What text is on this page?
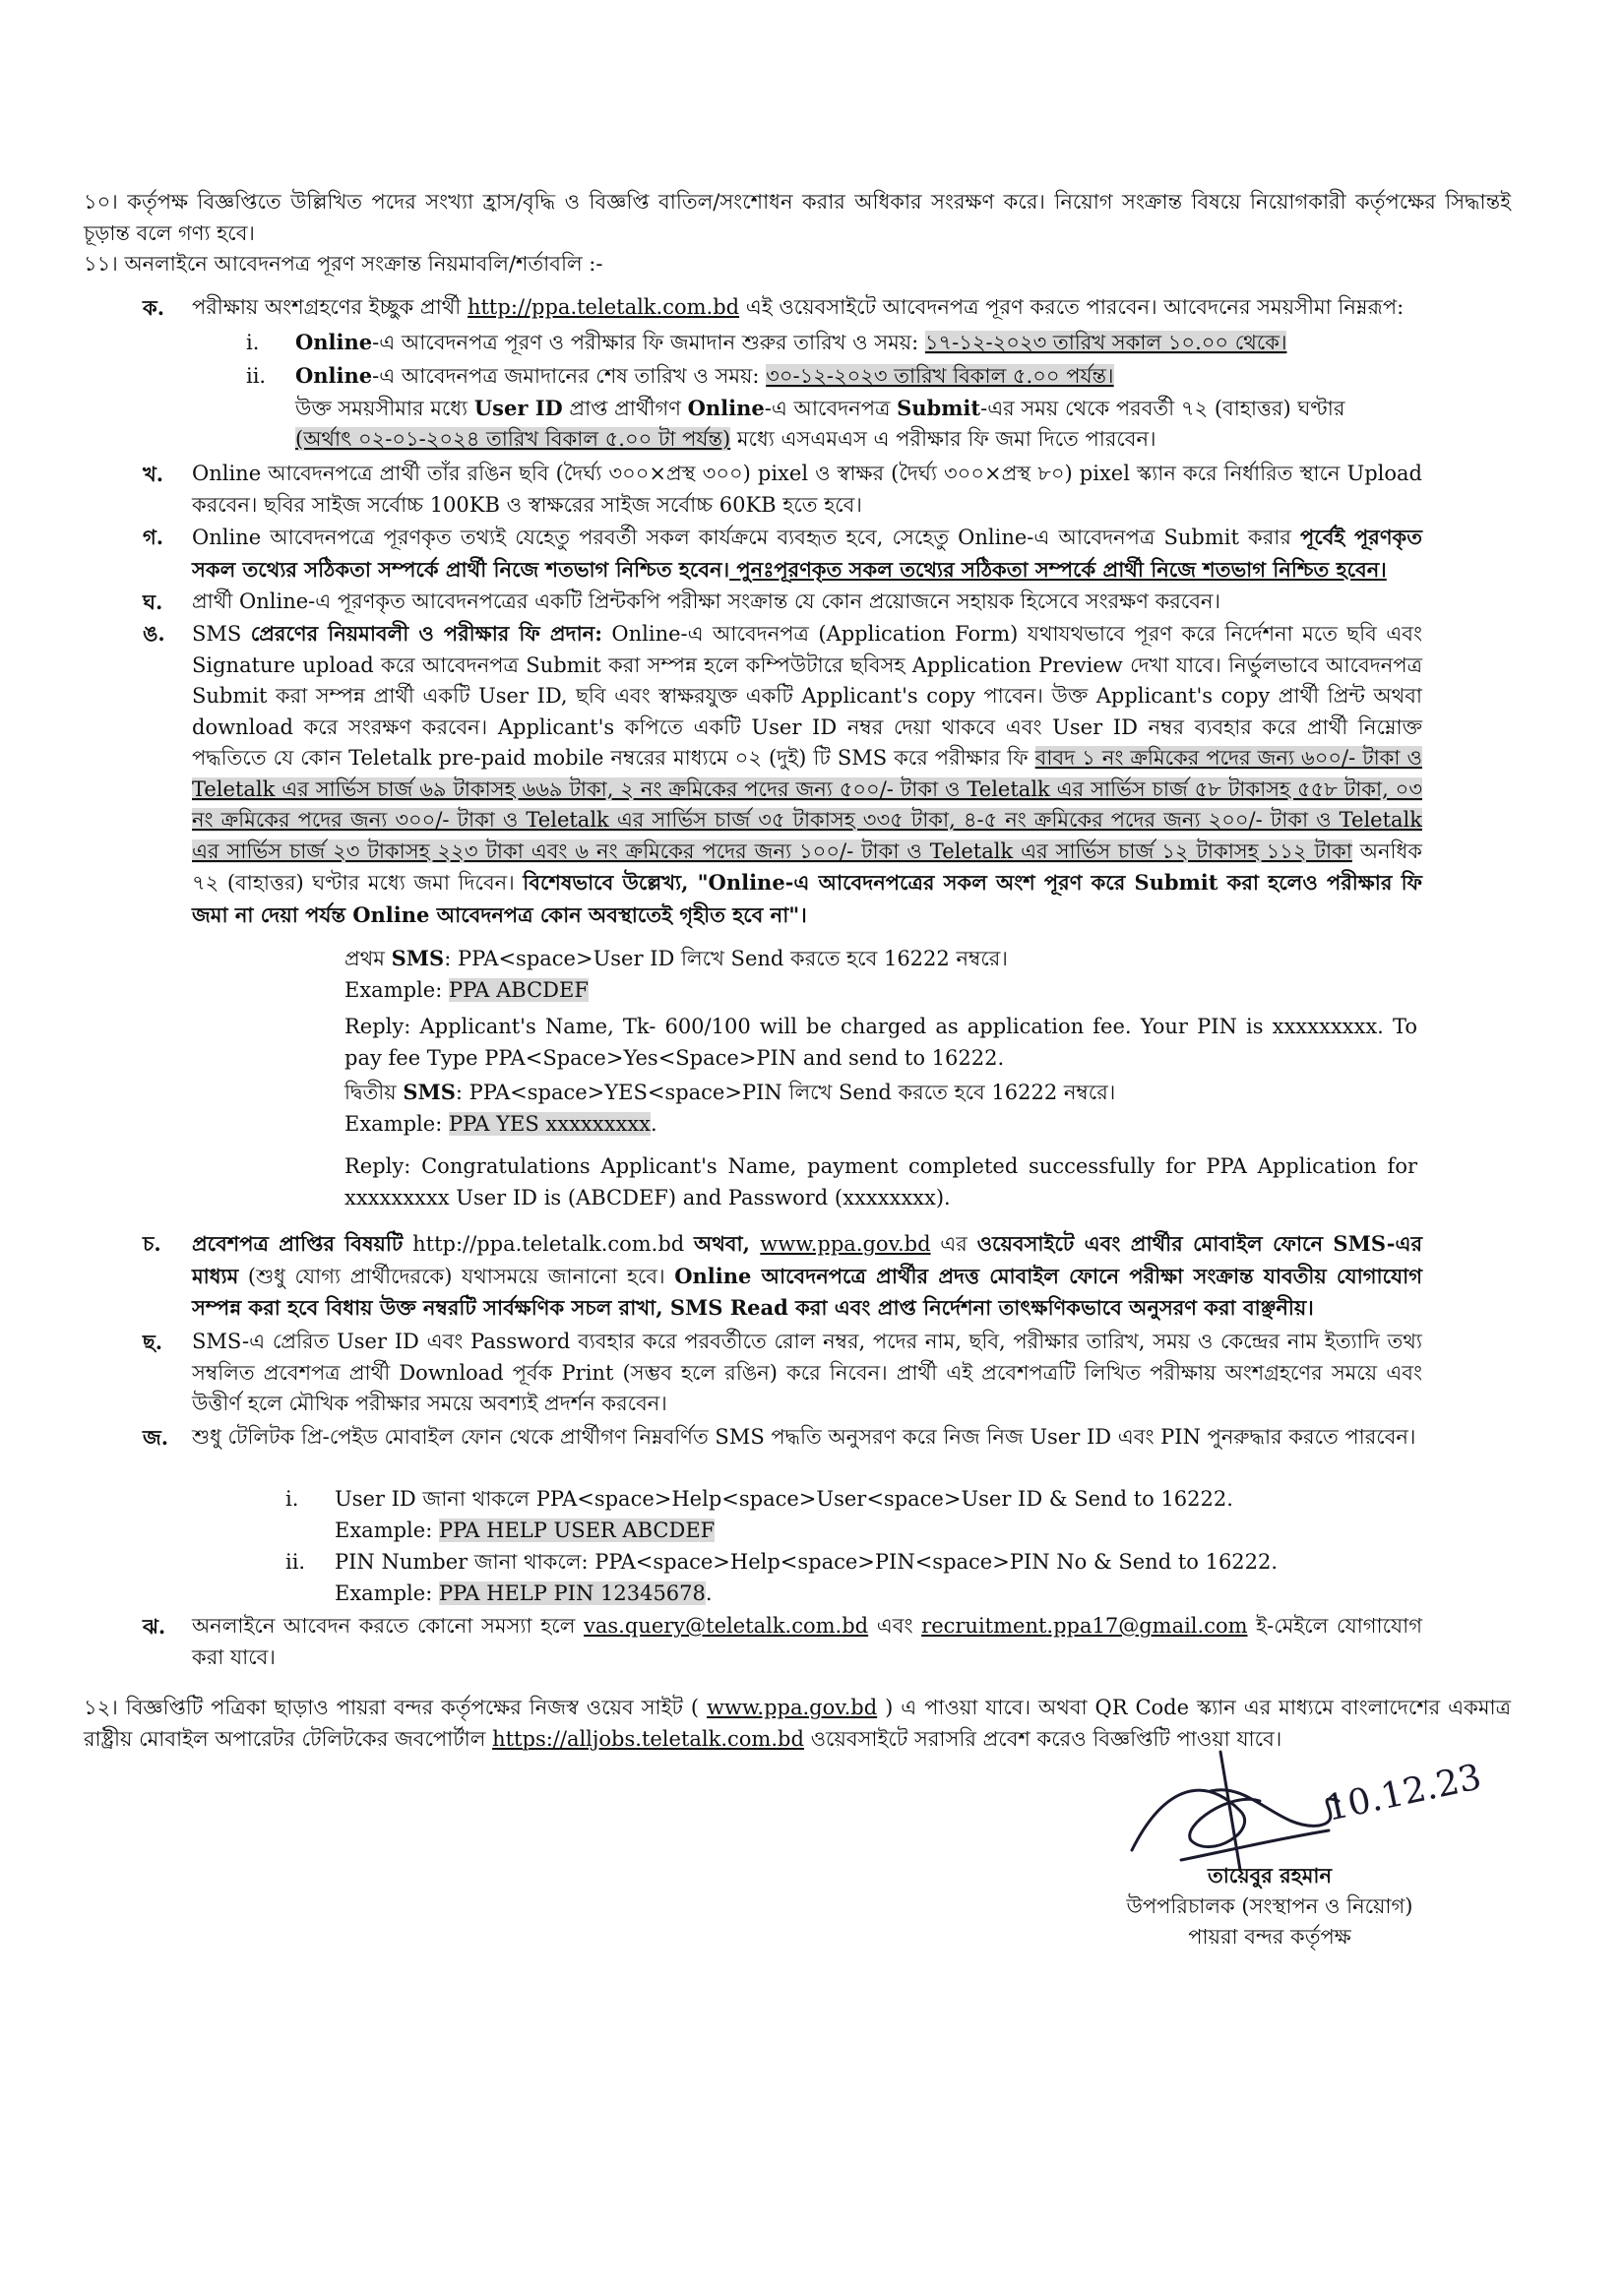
১০। কর্তৃপক্ষ বিজ্ঞপ্তিতে উল্লিখিত পদের সংখ্যা হ্রাস/বৃদ্ধি ও বিজ্ঞপ্তি বাতিল/সংশোধন করার অধিকার সংরক্ষণ করে। নিয়োগ সংক্রান্ত বিষয়ে নিয়োগকারী কর্তৃপক্ষের সিদ্ধান্তই চূড়ান্ত বলে গণ্য হবে।
১১। অনলাইনে আবেদনপত্র পূরণ সংক্রান্ত নিয়মাবলি/শর্তাবলি :-
ক.	পরীক্ষায় অংশগ্রহণের ইচ্ছুক প্রার্থী http://ppa.teletalk.com.bd এই ওয়েবসাইটে আবেদনপত্র পূরণ করতে পারবেন। আবেদনের সময়সীমা নিম্নরূপ:
i. Online-এ আবেদনপত্র পূরণ ও পরীক্ষার ফি জমাদান শুরুর তারিখ ও সময়: ১৭-১২-২০২৩ তারিখ সকাল ১০.০০ থেকে।
ii. Online-এ আবেদনপত্র জমাদানের শেষ তারিখ ও সময়: ৩০-১২-২০২৩ তারিখ বিকাল ৫.০০ পর্যন্ত।
উক্ত সময়সীমার মধ্যে User ID প্রাপ্ত প্রার্থীগণ Online-এ আবেদনপত্র Submit-এর সময় থেকে পরবর্তী ৭২ (বাহাত্তর) ঘণ্টার (অর্থাৎ ০২-০১-২০২৪ তারিখ বিকাল ৫.০০ টা পর্যন্ত) মধ্যে এসএমএস এ পরীক্ষার ফি জমা দিতে পারবেন।
খ.	Online আবেদনপত্রে প্রার্থী তাঁর রঙিন ছবি (দৈর্ঘ্য ৩০০×প্রস্থ ৩০০) pixel ও স্বাক্ষর (দৈর্ঘ্য ৩০০×প্রস্থ ৮০) pixel স্ক্যান করে নির্ধারিত স্থানে Upload করবেন। ছবির সাইজ সর্বোচ্চ 100KB ও স্বাক্ষরের সাইজ সর্বোচ্চ 60KB হতে হবে।
গ.	Online আবেদনপত্রে পূরণকৃত তথ্যই যেহেতু পরবর্তী সকল কার্যক্রমে ব্যবহৃত হবে, সেহেতু Online-এ আবেদনপত্র Submit করার পূর্বেই পূরণকৃত সকল তথ্যের সঠিকতা সম্পর্কে প্রার্থী নিজে শতভাগ নিশ্চিত হবেন। পুনঃপূরণকৃত সকল তথ্যের সঠিকতা সম্পর্কে প্রার্থী নিজে শতভাগ নিশ্চিত হবেন।
ঘ.	প্রার্থী Online-এ পূরণকৃত আবেদনপত্রের একটি প্রিন্টকপি পরীক্ষা সংক্রান্ত যে কোন প্রয়োজনে সহায়ক হিসেবে সংরক্ষণ করবেন।
ঙ.	SMS প্রেরণের নিয়মাবলী ও পরীক্ষার ফি প্রদান: Online-এ আবেদনপত্র (Application Form) যথাযথভাবে পূরণ করে নির্দেশনা মতে ছবি এবং Signature upload করে আবেদনপত্র Submit করা সম্পন্ন হলে কম্পিউটারে ছবিসহ Application Preview দেখা যাবে। নির্ভুলভাবে আবেদনপত্র Submit করা সম্পন্ন প্রার্থী একটি User ID, ছবি এবং স্বাক্ষরযুক্ত একটি Applicant's copy পাবেন। উক্ত Applicant's copy প্রার্থী প্রিন্ট অথবা download করে সংরক্ষণ করবেন। Applicant's কপিতে একটি User ID নম্বর দেয়া থাকবে এবং User ID নম্বর ব্যবহার করে প্রার্থী নিম্নোক্ত পদ্ধতিতে যে কোন Teletalk pre-paid mobile নম্বরের মাধ্যমে ০২ (দুই) টি SMS করে পরীক্ষার ফি বাবদ ১ নং ক্রমিকের পদের জন্য ৬০০/- টাকা ও Teletalk এর সার্ভিস চার্জ ৬৯ টাকাসহ ৬৬৯ টাকা, ২ নং ক্রমিকের পদের জন্য ৫০০/- টাকা ও Teletalk এর সার্ভিস চার্জ ৫৮ টাকাসহ ৫৫৮ টাকা, ০৩ নং ক্রমিকের পদের জন্য ৩০০/- টাকা ও Teletalk এর সার্ভিস চার্জ ৩৫ টাকাসহ ৩৩৫ টাকা, ৪-৫ নং ক্রমিকের পদের জন্য ২০০/- টাকা ও Teletalk এর সার্ভিস চার্জ ২৩ টাকাসহ ২২৩ টাকা এবং ৬ নং ক্রমিকের পদের জন্য ১০০/- টাকা ও Teletalk এর সার্ভিস চার্জ ১২ টাকাসহ ১১২ টাকা অনধিক ৭২ (বাহাত্তর) ঘণ্টার মধ্যে জমা দিবেন। বিশেষভাবে উল্লেখ্য, "Online-এ আবেদনপত্রের সকল অংশ পূরণ করে Submit করা হলেও পরীক্ষার ফি জমা না দেয়া পর্যন্ত Online আবেদনপত্র কোন অবস্থাতেই গৃহীত হবে না"।
প্রথম SMS: PPA<space>User ID লিখে Send করতে হবে 16222 নম্বরে।
Example: PPA ABCDEF
Reply: Applicant's Name, Tk- 600/100 will be charged as application fee. Your PIN is xxxxxxxxx. To pay fee Type PPA<Space>Yes<Space>PIN and send to 16222.
দ্বিতীয় SMS: PPA<space>YES<space>PIN লিখে Send করতে হবে 16222 নম্বরে।
Example: PPA YES xxxxxxxxx.
Reply: Congratulations Applicant's Name, payment completed successfully for PPA Application for xxxxxxxxx User ID is (ABCDEF) and Password (xxxxxxxx).
চ.	প্রবেশপত্র প্রাপ্তির বিষয়টি http://ppa.teletalk.com.bd অথবা, www.ppa.gov.bd এর ওয়েবসাইটে এবং প্রার্থীর মোবাইল ফোনে SMS-এর মাধ্যম (শুধু যোগ্য প্রার্থীদেরকে) যথাসময়ে জানানো হবে। Online আবেদনপত্রে প্রার্থীর প্রদত্ত মোবাইল ফোনে পরীক্ষা সংক্রান্ত যাবতীয় যোগাযোগ সম্পন্ন করা হবে বিধায় উক্ত নম্বরটি সার্বক্ষণিক সচল রাখা, SMS Read করা এবং প্রাপ্ত নির্দেশনা তাৎক্ষণিকভাবে অনুসরণ করা বাঞ্ছনীয়।
ছ.	SMS-এ প্রেরিত User ID এবং Password ব্যবহার করে পরবর্তীতে রোল নম্বর, পদের নাম, ছবি, পরীক্ষার তারিখ, সময় ও কেন্দ্রের নাম ইত্যাদি তথ্য সম্বলিত প্রবেশপত্র প্রার্থী Download পূর্বক Print (সম্ভব হলে রঙিন) করে নিবেন। প্রার্থী এই প্রবেশপত্রটি লিখিত পরীক্ষায় অংশগ্রহণের সময়ে এবং উত্তীর্ণ হলে মৌখিক পরীক্ষার সময়ে অবশ্যই প্রদর্শন করবেন।
জ.	শুধু টেলিটক প্রি-পেইড মোবাইল ফোন থেকে প্রার্থীগণ নিম্নবর্ণিত SMS পদ্ধতি অনুসরণ করে নিজ নিজ User ID এবং PIN পুনরুদ্ধার করতে পারবেন।
i. User ID জানা থাকলে PPA<space>Help<space>User<space>User ID & Send to 16222.
Example: PPA HELP USER ABCDEF
ii. PIN Number জানা থাকলে: PPA<space>Help<space>PIN<space>PIN No & Send to 16222.
Example: PPA HELP PIN 12345678.
ঝ.	অনলাইনে আবেদন করতে কোনো সমস্যা হলে vas.query@teletalk.com.bd এবং recruitment.ppa17@gmail.com ই-মেইলে যোগাযোগ করা যাবে।
১২। বিজ্ঞপ্তিটি পত্রিকা ছাড়াও পায়রা বন্দর কর্তৃপক্ষের নিজস্ব ওয়েব সাইট ( www.ppa.gov.bd ) এ পাওয়া যাবে। অথবা QR Code স্ক্যান এর মাধ্যমে বাংলাদেশের একমাত্র রাষ্ট্রীয় মোবাইল অপারেটর টেলিটকের জবপোর্টাল https://alljobs.teletalk.com.bd ওয়েবসাইটে সরাসরি প্রবেশ করেও বিজ্ঞপ্তিটি পাওয়া যাবে।
10.12.23
তায়েবুর রহমান
উপপরিচালক (সংস্থাপন ও নিয়োগ)
পায়রা বন্দর কর্তৃপক্ষ
